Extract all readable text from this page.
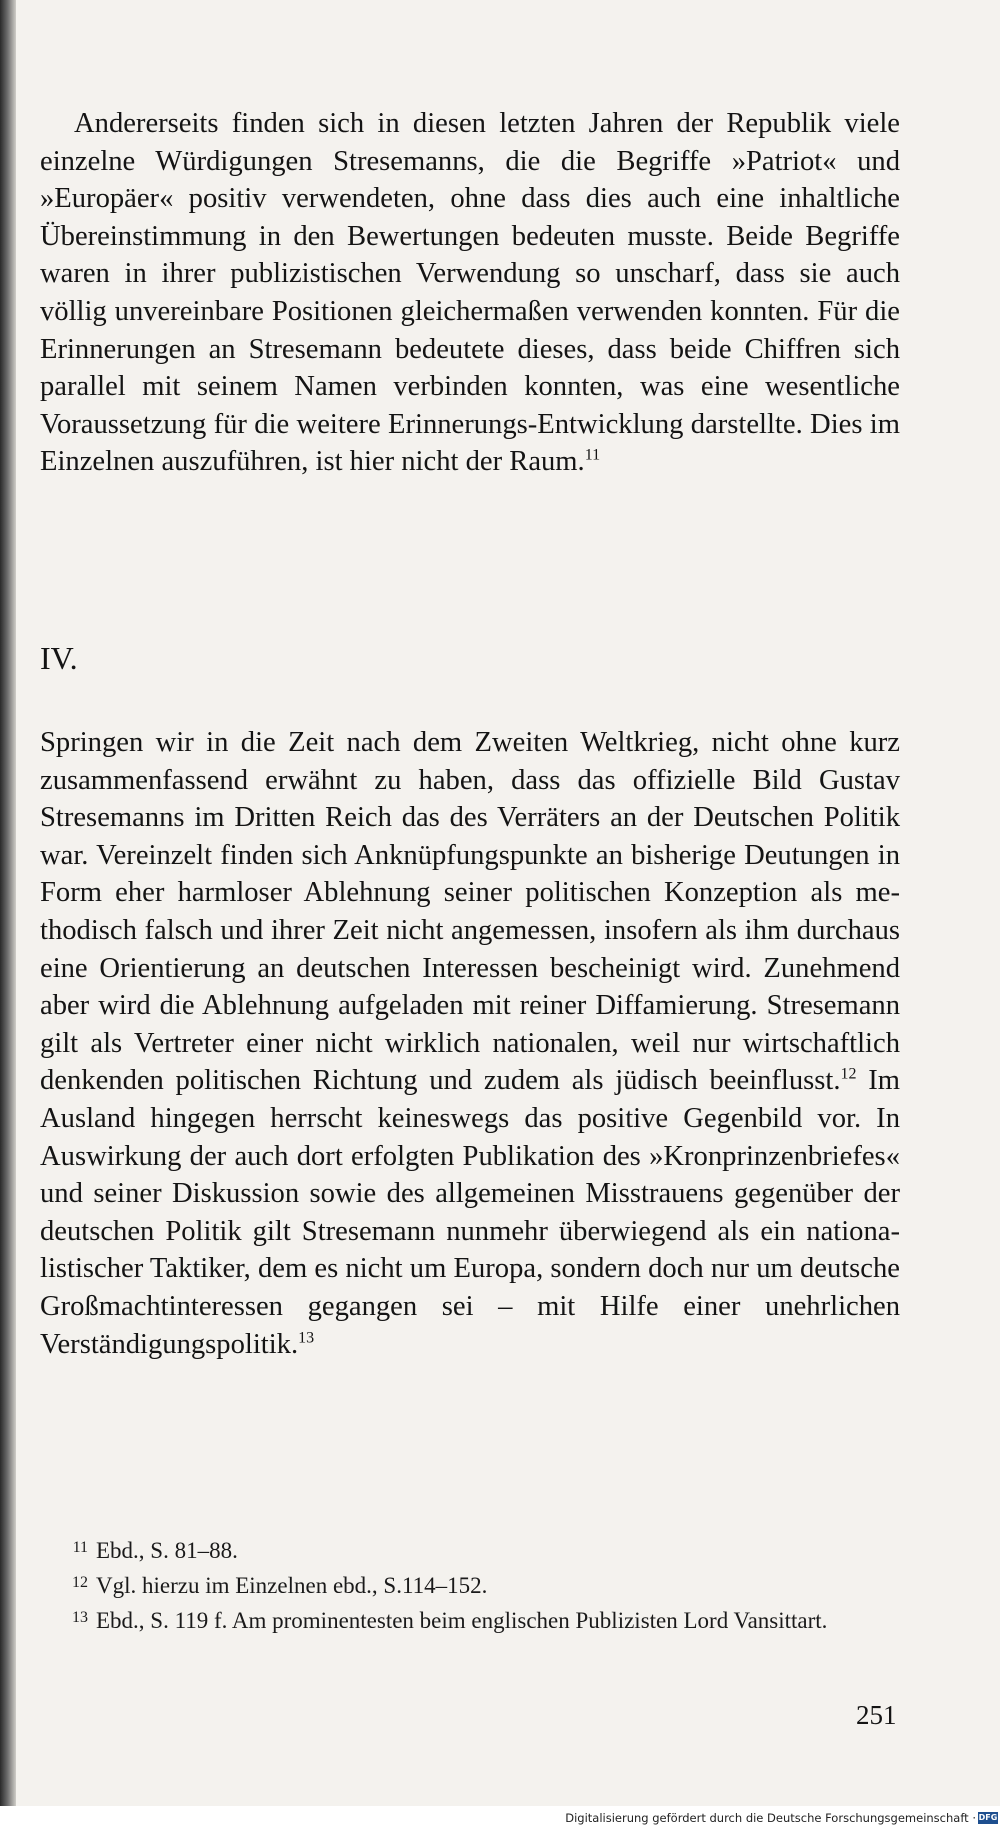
Andererseits finden sich in diesen letzten Jahren der Republik viele einzelne Würdigungen Stresemanns, die die Begriffe »Patriot« und »Europäer« positiv verwendeten, ohne dass dies auch eine inhaltliche Übereinstimmung in den Bewertungen bedeuten musste. Beide Begriffe waren in ihrer publizistischen Verwendung so unscharf, dass sie auch völlig unvereinbare Positionen gleichermaßen verwenden konnten. Für die Erinnerungen an Stresemann bedeutete dieses, dass beide Chiffren sich parallel mit seinem Namen verbinden konnten, was eine wesentliche Voraussetzung für die weitere Erinnerungs-Entwicklung darstellte. Dies im Einzelnen auszuführen, ist hier nicht der Raum.$^{11}$

IV.

Springen wir in die Zeit nach dem Zweiten Weltkrieg, nicht ohne kurz zusammenfassend erwähnt zu haben, dass das offizielle Bild Gustav Stresemanns im Dritten Reich das des Verräters an der Deutschen Politik war. Vereinzelt finden sich Anknüpfungspunkte an bisherige Deutungen in Form eher harmloser Ablehnung seiner politischen Konzeption als methodisch falsch und ihrer Zeit nicht angemessen, insofern als ihm durchaus eine Orientierung an deutschen Interessen bescheinigt wird. Zunehmend aber wird die Ablehnung aufgeladen mit reiner Diffamierung. Stresemann gilt als Vertreter einer nicht wirklich nationalen, weil nur wirtschaftlich denkenden politischen Richtung und zudem als jüdisch beeinflusst.$^{12}$ Im Ausland hingegen herrscht keineswegs das positive Gegenbild vor. In Auswirkung der auch dort erfolgten Publikation des »Kronprinzenbriefes« und seiner Diskussion sowie des allgemeinen Misstrauens gegenüber der deutschen Politik gilt Stresemann nunmehr überwiegend als ein nationalistischer Taktiker, dem es nicht um Europa, sondern doch nur um deutsche Großmachtinteressen gegangen sei – mit Hilfe einer unehrlichen Verständigungspolitik.$^{13}$

11 Ebd., S. 81–88.

12 Vgl. hierzu im Einzelnen ebd., S.114–152.

13 Ebd., S. 119 f. Am prominentesten beim englischen Publizisten Lord Vansittart.

251
Digitalisierung gefördert durch die Deutsche Forschungsgemeinschaft · DFG
